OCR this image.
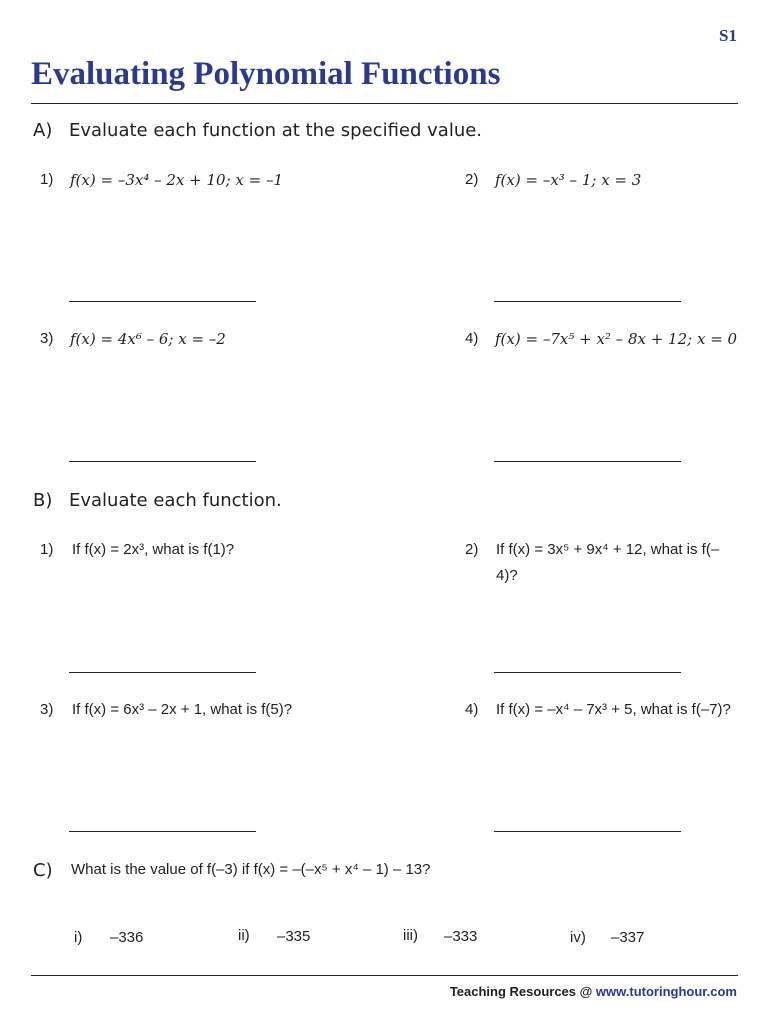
S1
Evaluating Polynomial Functions
A) Evaluate each function at the specified value.
1) f(x) = –3x⁴ – 2x + 10; x = –1	2) f(x) = –x³ – 1; x = 3
3) f(x) = 4x⁶ – 6; x = –2	4) f(x) = –7x⁵ + x² – 8x + 12; x = 0
B) Evaluate each function.
1) If f(x) = 2x³, what is f(1)?	2) If f(x) = 3x⁵ + 9x⁴ + 12, what is f(–4)?
3) If f(x) = 6x³ – 2x + 1, what is f(5)?	4) If f(x) = –x⁴ – 7x³ + 5, what is f(–7)?
C) What is the value of f(–3) if f(x) = –(–x⁵ + x⁴ – 1) – 13?
i) –336	ii) –335	iii) –333	iv) –337
Teaching Resources @ www.tutoringhour.com
